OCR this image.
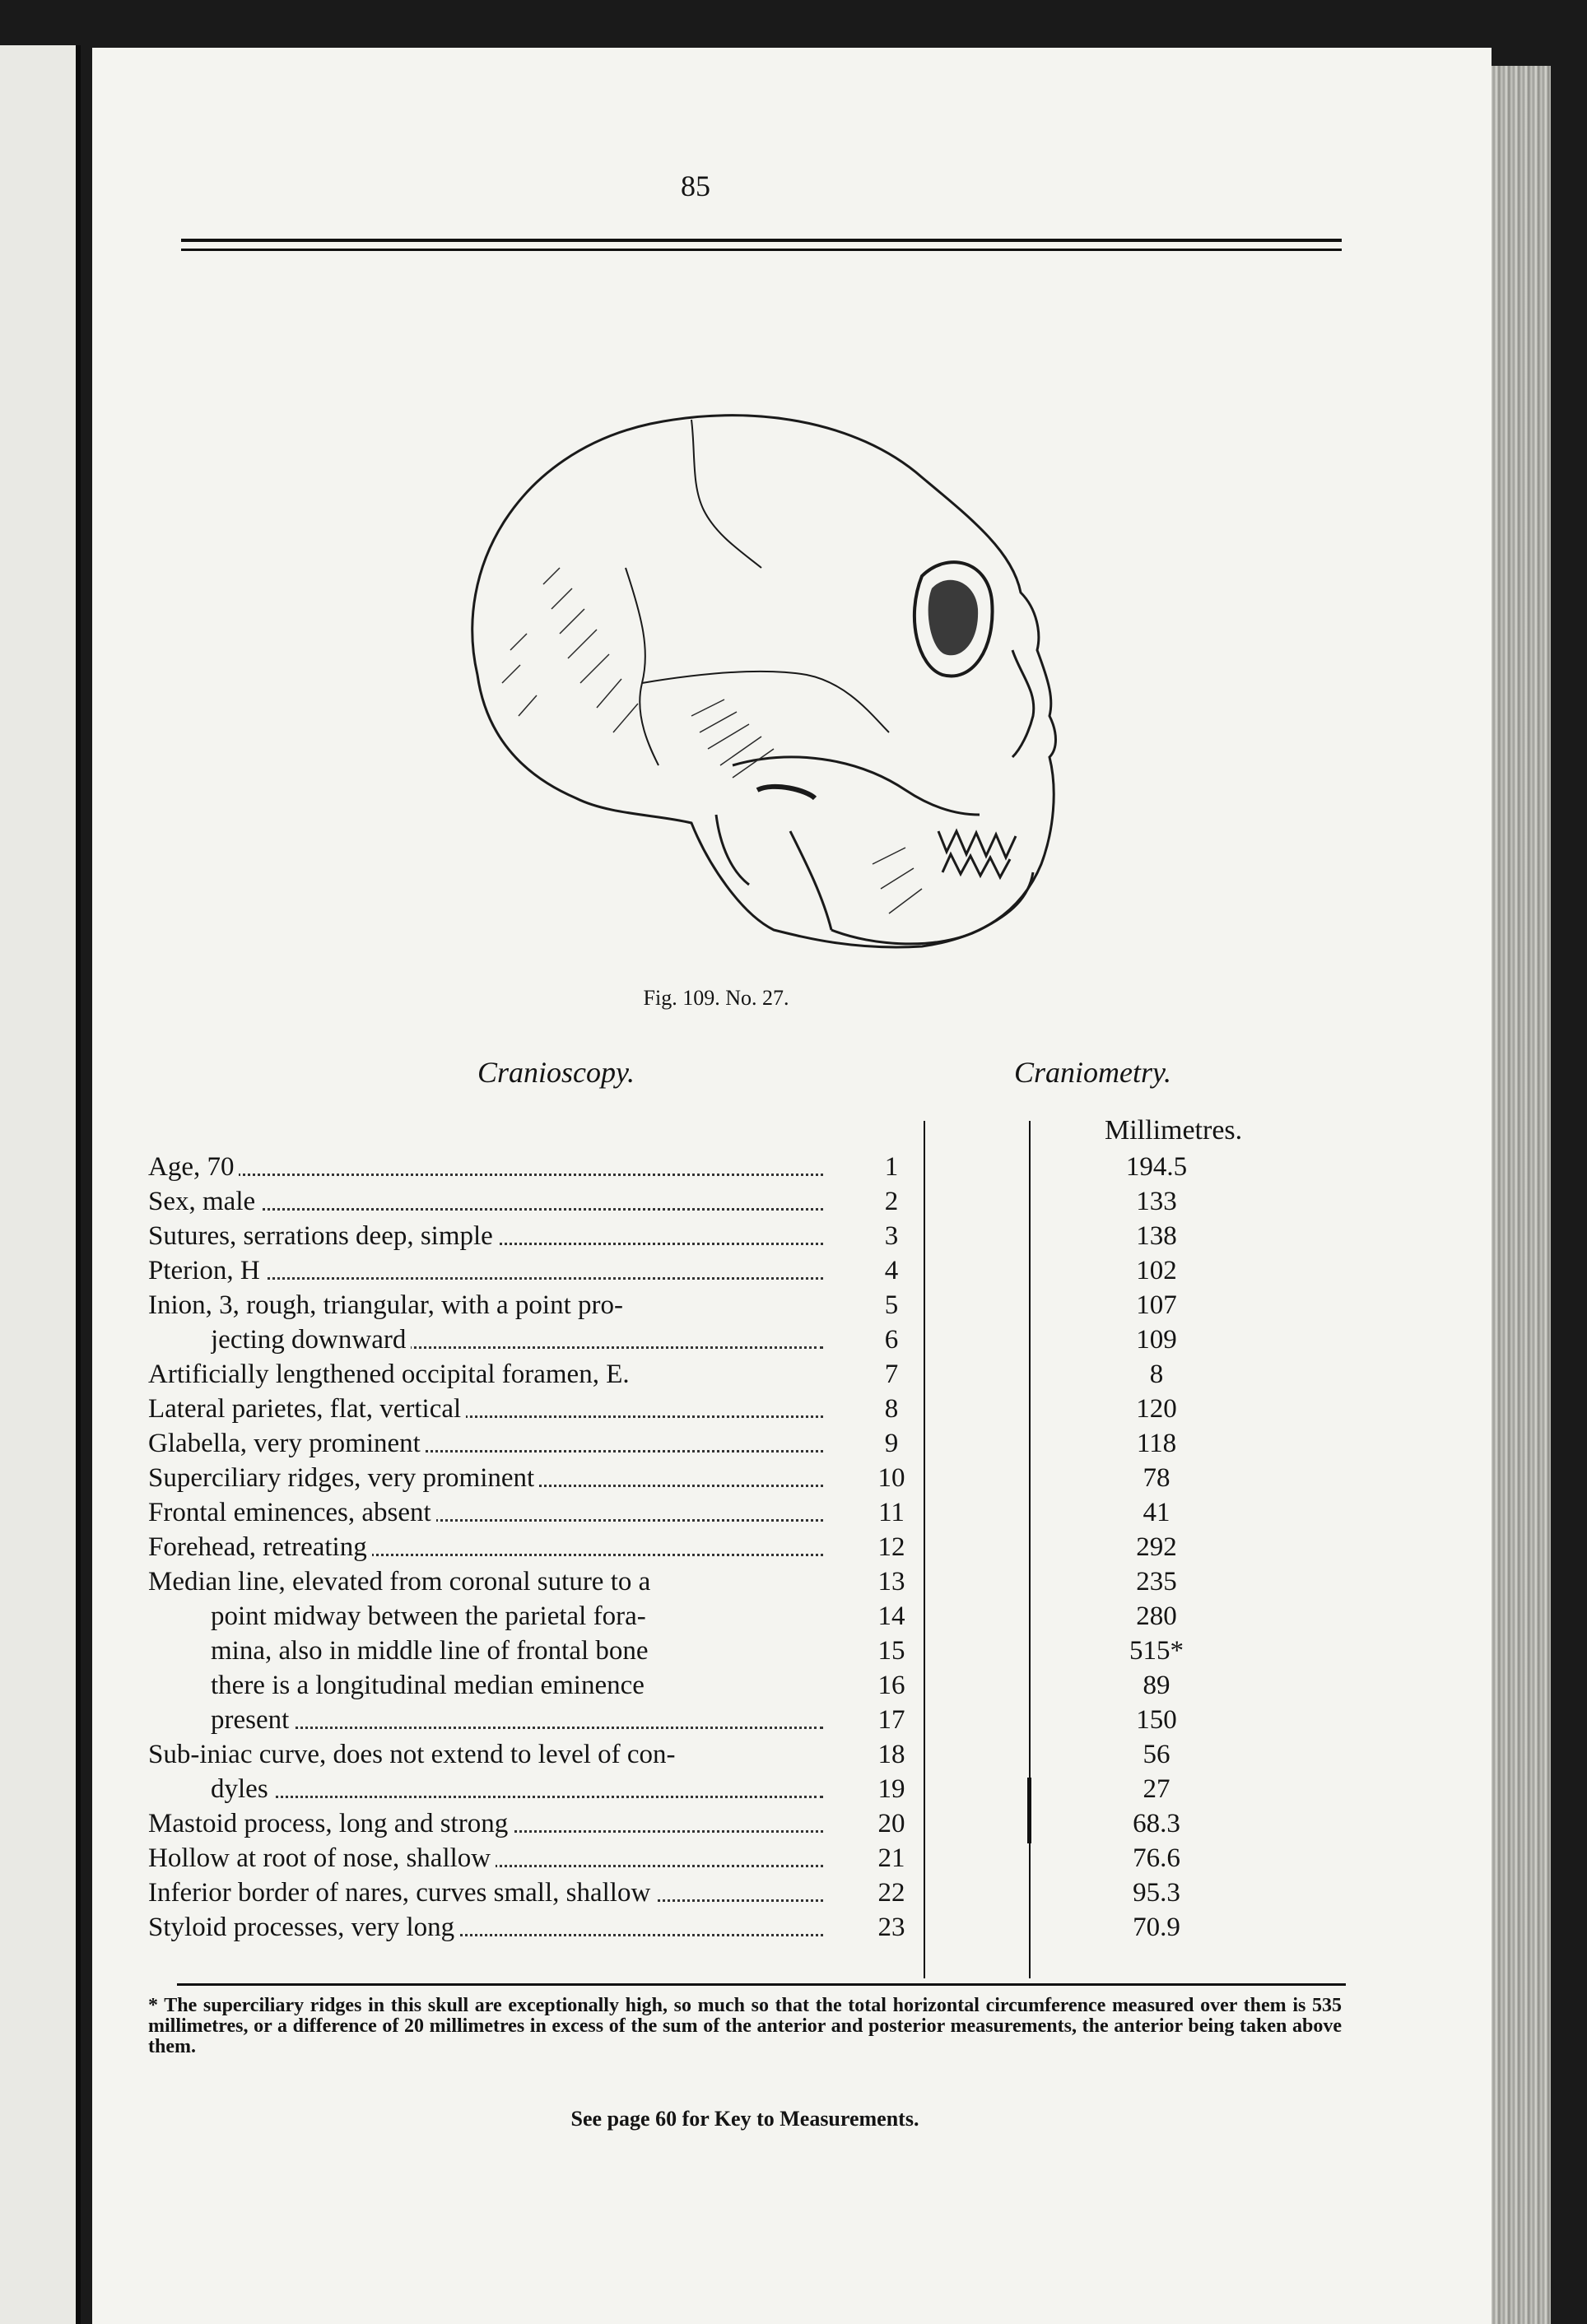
85
Fig. 109. No. 27.
Cranioscopy.	Craniometry.
Millimetres.
Age, 70	1	194.5
Sex, male	2	133
Sutures, serrations deep, simple	3	138
Pterion, H	4	102
Inion, 3, rough, triangular, with a point pro-	5	107
jecting downward	6	109
Artificially lengthened occipital foramen, E.	7	8
Lateral parietes, flat, vertical	8	120
Glabella, very prominent	9	118
Superciliary ridges, very prominent	10	78
Frontal eminences, absent	11	41
Forehead, retreating	12	292
Median line, elevated from coronal suture to a	13	235
point midway between the parietal fora-	14	280
mina, also in middle line of frontal bone	15	515*
there is a longitudinal median eminence	16	89
present	17	150
Sub-iniac curve, does not extend to level of con-	18	56
dyles	19	27
Mastoid process, long and strong	20	68.3
Hollow at root of nose, shallow	21	76.6
Inferior border of nares, curves small, shallow	22	95.3
Styloid processes, very long	23	70.9
* The superciliary ridges in this skull are exceptionally high, so much so that the total horizontal circumference measured over them is 535 millimetres, or a difference of 20 millimetres in excess of the sum of the anterior and posterior measurements, the anterior being taken above them.
See page 60 for Key to Measurements.
